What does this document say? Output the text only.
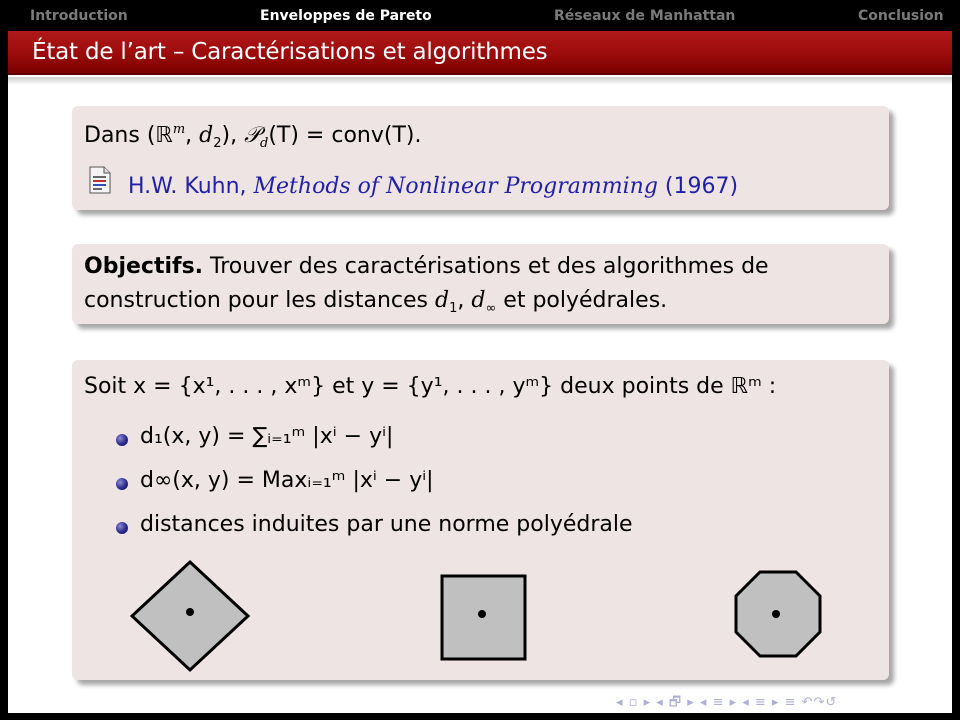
Introduction	Enveloppes de Pareto	Réseaux de Manhattan	Conclusion
État de l’art – Caractérisations et algorithmes
Dans (ℝ$^m$, $d_2$), 𝒫$_d$(T) = conv(T).
H.W. Kuhn, Methods of Nonlinear Programming (1967)
Objectifs. Trouver des caractérisations et des algorithmes de
construction pour les distances $d_1$, $d_\infty$ et polyédrales.
Soit x = {x¹, . . . , xᵐ} et y = {y¹, . . . , yᵐ} deux points de ℝᵐ :
d₁(x, y) = ∑ᵢ₌₁ᵐ |xⁱ − yⁱ|
d∞(x, y) = Maxᵢ₌₁ᵐ |xⁱ − yⁱ|
distances induites par une norme polyédrale
◂ ▫ ▸ ◂ 🗗 ▸ ◂ ≡ ▸ ◂ ≡ ▸ ≡ ↶↷↺
